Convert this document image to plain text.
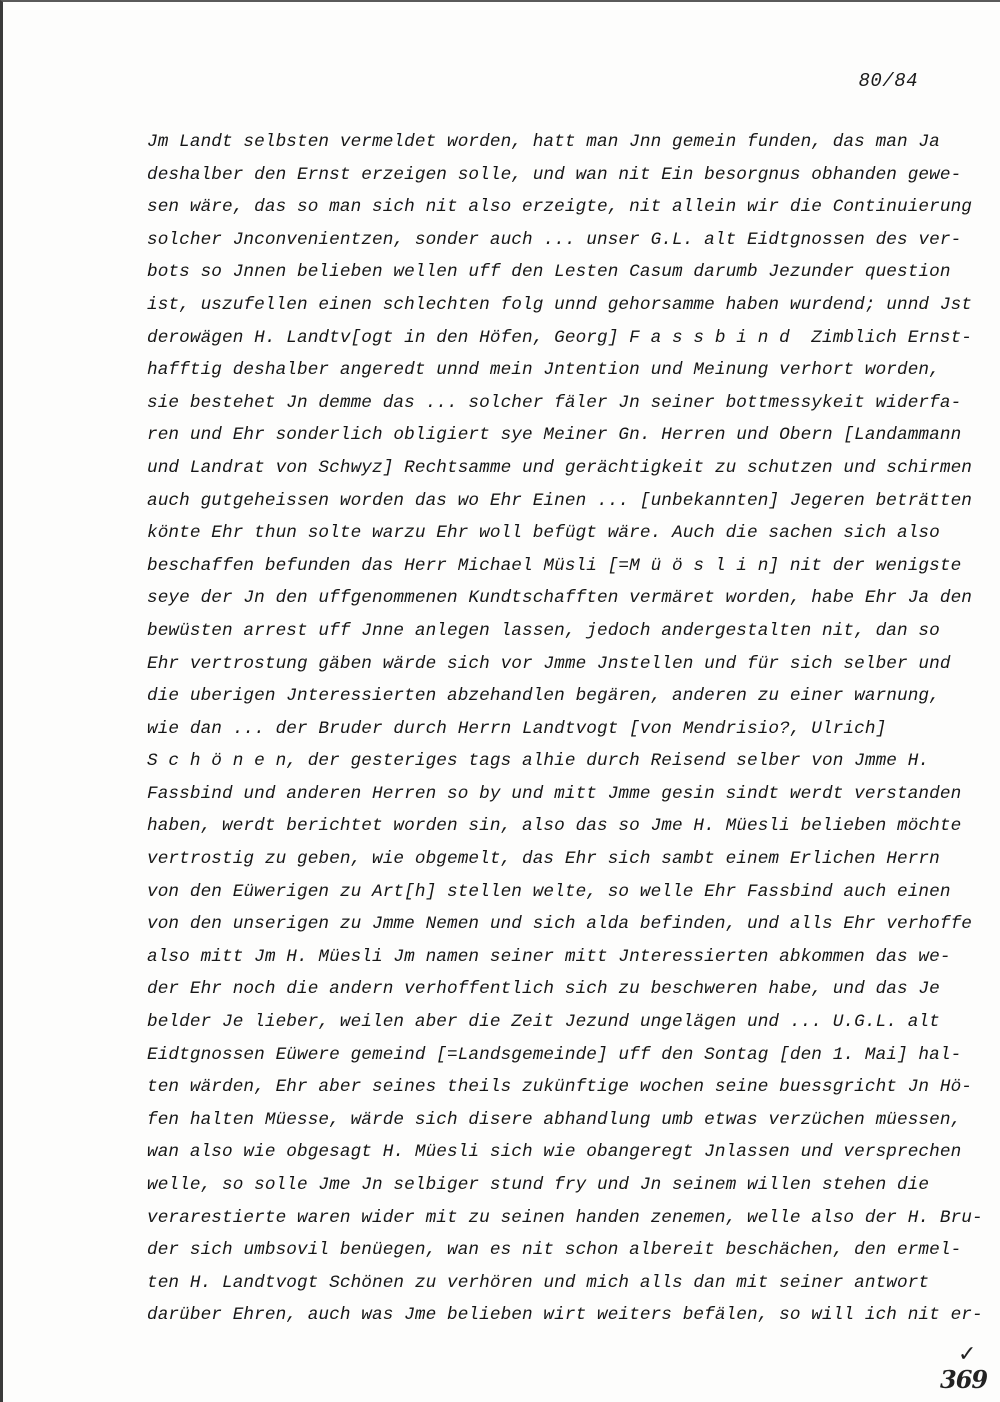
80/84
Jm Landt selbsten vermeldet worden, hatt man Jnn gemein funden, das man Ja
deshalber den Ernst erzeigen solle, und wan nit Ein besorgnus obhanden gewe-
sen wäre, das so man sich nit also erzeigte, nit allein wir die Continuierung
solcher Jnconvenientzen, sonder auch ... unser G.L. alt Eidtgnossen des ver-
bots so Jnnen belieben wellen uff den Lesten Casum darumb Jezunder question
ist, uszufellen einen schlechten folg unnd gehorsamme haben wurdend; unnd Jst
derowägen H. Landtv[ogt in den Höfen, Georg] F a s s b i n d  Zimblich Ernst-
hafftig deshalber angeredt unnd mein Jntention und Meinung verhort worden,
sie bestehet Jn demme das ... solcher fäler Jn seiner bottmessykeit widerfa-
ren und Ehr sonderlich obligiert sye Meiner Gn. Herren und Obern [Landammann
und Landrat von Schwyz] Rechtsamme und gerächtigkeit zu schutzen und schirmen
auch gutgeheissen worden das wo Ehr Einen ... [unbekannten] Jegeren beträtten
könte Ehr thun solte warzu Ehr woll befügt wäre. Auch die sachen sich also
beschaffen befunden das Herr Michael Müsli [=M ü ö s l i n] nit der wenigste
seye der Jn den uffgenommenen Kundtschafften vermäret worden, habe Ehr Ja den
bewüsten arrest uff Jnne anlegen lassen, jedoch andergestalten nit, dan so
Ehr vertrostung gäben wärde sich vor Jmme Jnstellen und für sich selber und
die uberigen Jnteressierten abzehandlen begären, anderen zu einer warnung,
wie dan ... der Bruder durch Herrn Landtvogt [von Mendrisio?, Ulrich]
S c h ö n e n, der gesteriges tags alhie durch Reisend selber von Jmme H.
Fassbind und anderen Herren so by und mitt Jmme gesin sindt werdt verstanden
haben, werdt berichtet worden sin, also das so Jme H. Müesli belieben möchte
vertrostig zu geben, wie obgemelt, das Ehr sich sambt einem Erlichen Herrn
von den Eüwerigen zu Art[h] stellen welte, so welle Ehr Fassbind auch einen
von den unserigen zu Jmme Nemen und sich alda befinden, und alls Ehr verhoffe
also mitt Jm H. Müesli Jm namen seiner mitt Jnteressierten abkommen das we-
der Ehr noch die andern verhoffentlich sich zu beschweren habe, und das Je
belder Je lieber, weilen aber die Zeit Jezund ungelägen und ... U.G.L. alt
Eidtgnossen Eüwere gemeind [=Landsgemeinde] uff den Sontag [den 1. Mai] hal-
ten wärden, Ehr aber seines theils zukünftige wochen seine buessgricht Jn Hö-
fen halten Müesse, wärde sich disere abhandlung umb etwas verzüchen müessen,
wan also wie obgesagt H. Müesli sich wie obangeregt Jnlassen und versprechen
welle, so solle Jme Jn selbiger stund fry und Jn seinem willen stehen die
verarestierte waren wider mit zu seinen handen zenemen, welle also der H. Bru-
der sich umbsovil benüegen, wan es nit schon albereit beschächen, den ermel-
ten H. Landtvogt Schönen zu verhören und mich alls dan mit seiner antwort
darüber Ehren, auch was Jme belieben wirt weiters befälen, so will ich nit er-
✓
369
